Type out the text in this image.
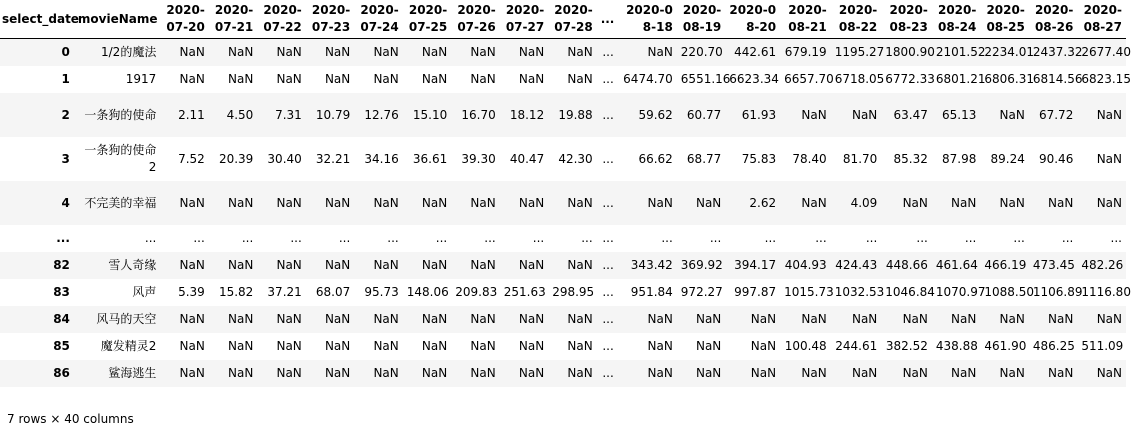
select_date	movieName	2020-07-20	2020-07-21	2020-07-22	2020-07-23	2020-07-24	2020-07-25	2020-07-26	2020-07-27	2020-07-28	...	2020-08-18	2020-08-19	2020-08-20	2020-08-21	2020-08-22	2020-08-23	2020-08-24	2020-08-25	2020-08-26	2020-08-27
0	1/2的魔法	NaN	NaN	NaN	NaN	NaN	NaN	NaN	NaN	NaN	...	NaN	220.70	442.61	679.19	1195.27	1800.90	2101.52	2234.01	2437.32	2677.40
1	1917	NaN	NaN	NaN	NaN	NaN	NaN	NaN	NaN	NaN	...	6474.70	6551.16	6623.34	6657.70	6718.05	6772.33	6801.21	6806.31	6814.56	6823.15
2	一条狗的使命	2.11	4.50	7.31	10.79	12.76	15.10	16.70	18.12	19.88	...	59.62	60.77	61.93	NaN	NaN	63.47	65.13	NaN	67.72	NaN
3	一条狗的使命2	7.52	20.39	30.40	32.21	34.16	36.61	39.30	40.47	42.30	...	66.62	68.77	75.83	78.40	81.70	85.32	87.98	89.24	90.46	NaN
4	不完美的幸福	NaN	NaN	NaN	NaN	NaN	NaN	NaN	NaN	NaN	...	NaN	NaN	2.62	NaN	4.09	NaN	NaN	NaN	NaN	NaN
...	...	...	...	...	...	...	...	...	...	...	...	...	...	...	...	...	...	...	...	...	...
82	雪人奇缘	NaN	NaN	NaN	NaN	NaN	NaN	NaN	NaN	NaN	...	343.42	369.92	394.17	404.93	424.43	448.66	461.64	466.19	473.45	482.26
83	风声	5.39	15.82	37.21	68.07	95.73	148.06	209.83	251.63	298.95	...	951.84	972.27	997.87	1015.73	1032.53	1046.84	1070.97	1088.50	1106.89	1116.80
84	风马的天空	NaN	NaN	NaN	NaN	NaN	NaN	NaN	NaN	NaN	...	NaN	NaN	NaN	NaN	NaN	NaN	NaN	NaN	NaN	NaN
85	魔发精灵2	NaN	NaN	NaN	NaN	NaN	NaN	NaN	NaN	NaN	...	NaN	NaN	NaN	100.48	244.61	382.52	438.88	461.90	486.25	511.09
86	鲨海逃生	NaN	NaN	NaN	NaN	NaN	NaN	NaN	NaN	NaN	...	NaN	NaN	NaN	NaN	NaN	NaN	NaN	NaN	NaN	NaN
7 rows × 40 columns
